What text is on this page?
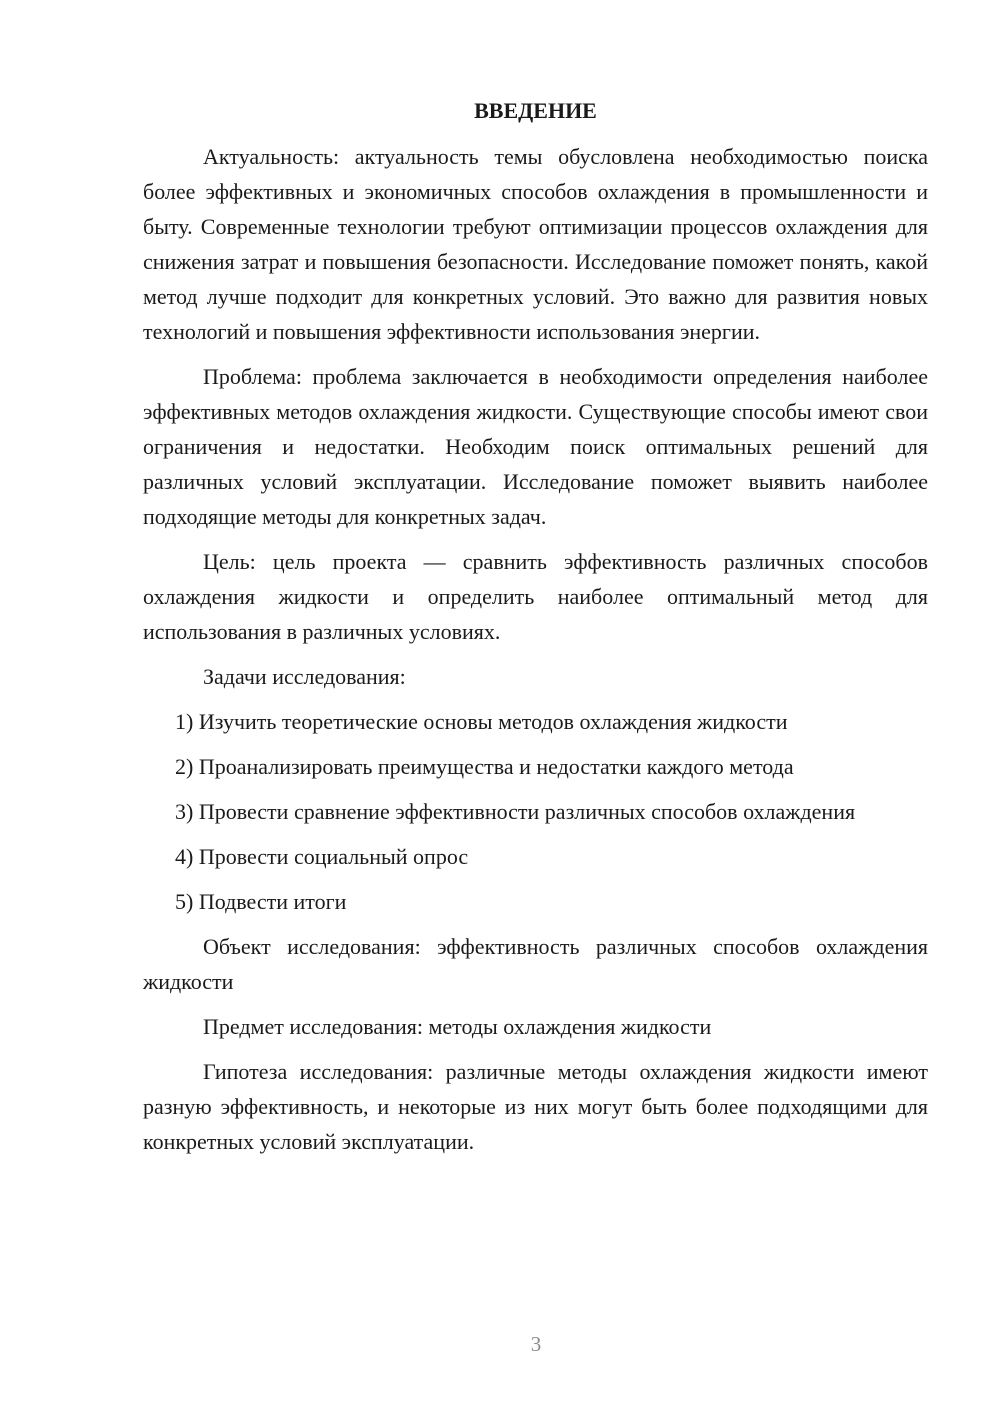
ВВЕДЕНИЕ

Актуальность: актуальность темы обусловлена необходимостью поиска более эффективных и экономичных способов охлаждения в промышленности и быту. Современные технологии требуют оптимизации процессов охлаждения для снижения затрат и повышения безопасности. Исследование поможет понять, какой метод лучше подходит для конкретных условий. Это важно для развития новых технологий и повышения эффективности использования энергии.

Проблема: проблема заключается в необходимости определения наиболее эффективных методов охлаждения жидкости. Существующие способы имеют свои ограничения и недостатки. Необходим поиск оптимальных решений для различных условий эксплуатации. Исследование поможет выявить наиболее подходящие методы для конкретных задач.

Цель: цель проекта — сравнить эффективность различных способов охлаждения жидкости и определить наиболее оптимальный метод для использования в различных условиях.

Задачи исследования:

1) Изучить теоретические основы методов охлаждения жидкости

2) Проанализировать преимущества и недостатки каждого метода

3) Провести сравнение эффективности различных способов охлаждения

4) Провести социальный опрос

5) Подвести итоги

Объект исследования: эффективность различных способов охлаждения жидкости

Предмет исследования: методы охлаждения жидкости

Гипотеза исследования: различные методы охлаждения жидкости имеют разную эффективность, и некоторые из них могут быть более подходящими для конкретных условий эксплуатации.

3
